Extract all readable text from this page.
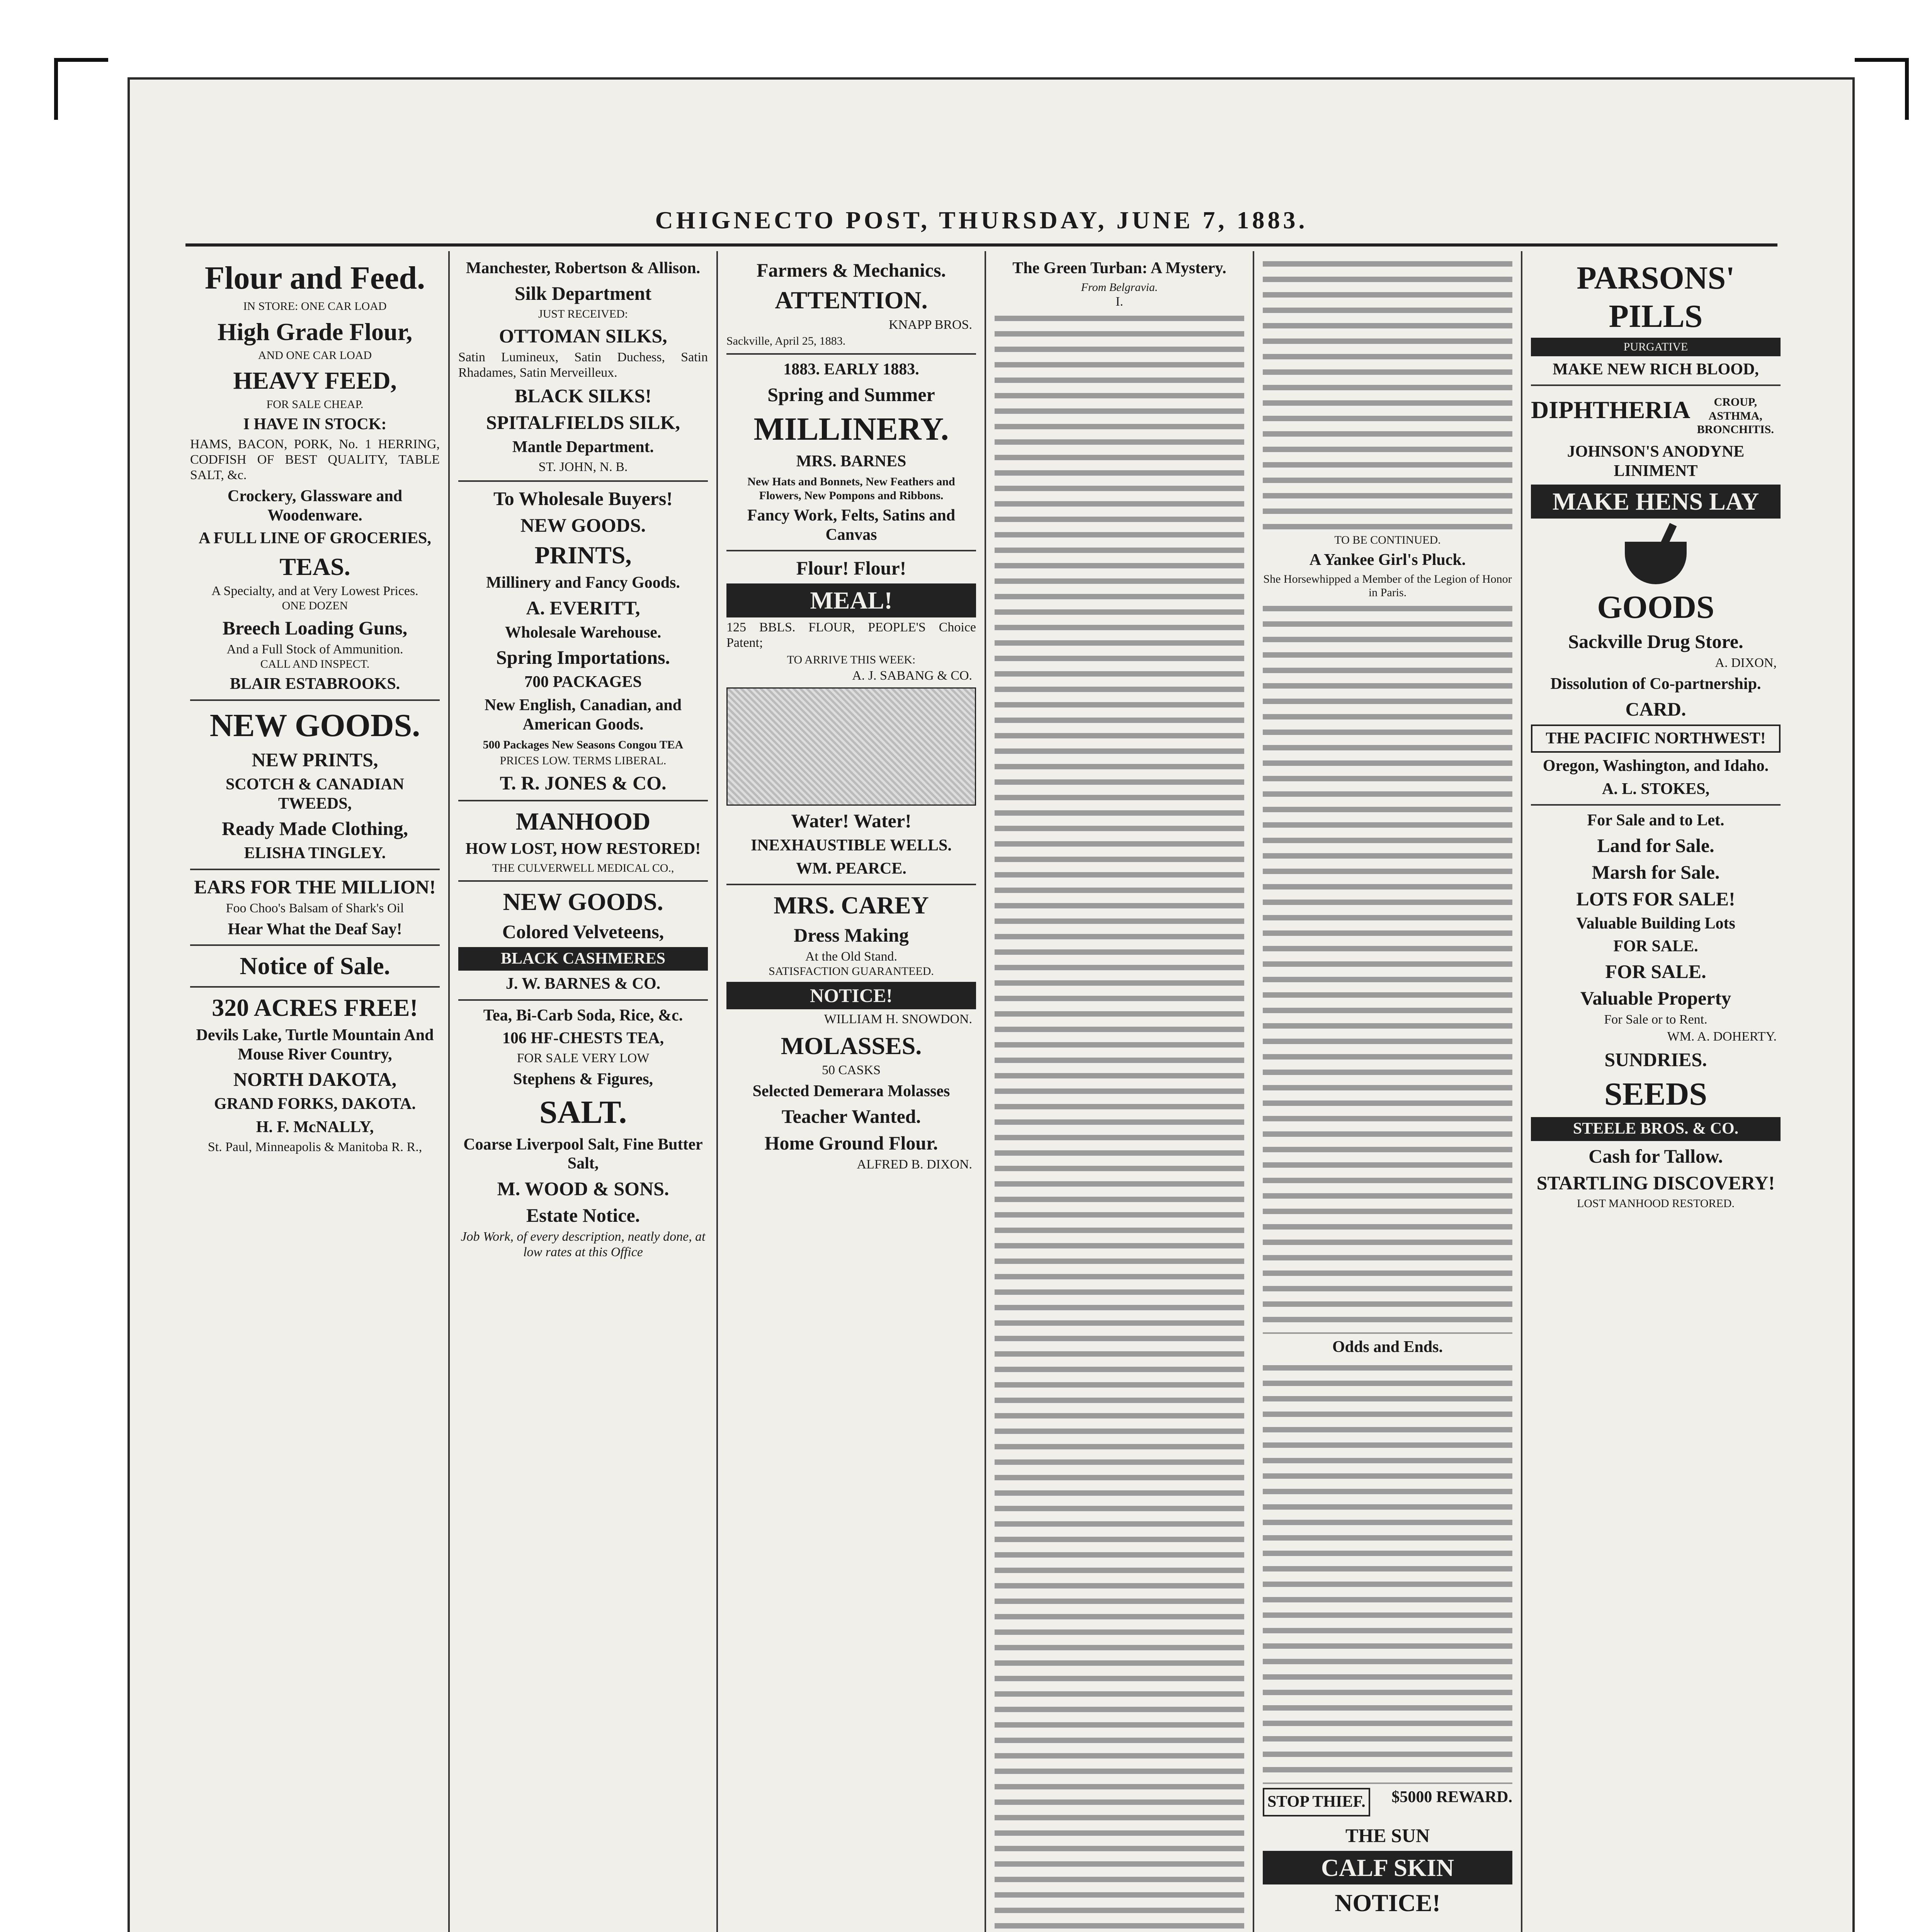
CHIGNECTO POST, THURSDAY, JUNE 7, 1883.
Flour and Feed.
IN STORE: ONE CAR LOAD
High Grade Flour,
AND ONE CAR LOAD
HEAVY FEED,
FOR SALE CHEAP.
I HAVE IN STOCK:
HAMS, BACON, PORK, No. 1 HERRING, CODFISH OF BEST QUALITY, TABLE SALT, &c.
Crockery, Glassware and Woodenware.
A FULL LINE OF GROCERIES,
TEAS.
A Specialty, and at Very Lowest Prices.
ONE DOZEN
Breech Loading Guns,
And a Full Stock of Ammunition.
CALL AND INSPECT.
BLAIR ESTABROOKS.
NEW GOODS.
NEW PRINTS,
SCOTCH & CANADIAN TWEEDS,
Ready Made Clothing,
ELISHA TINGLEY.
EARS FOR THE MILLION!
Foo Choo's Balsam of Shark's Oil
Hear What the Deaf Say!
Notice of Sale.
320 ACRES FREE!
Devils Lake, Turtle Mountain And Mouse River Country,
NORTH DAKOTA,
GRAND FORKS, DAKOTA.
H. F. McNALLY,
St. Paul, Minneapolis & Manitoba R. R.,
Manchester, Robertson & Allison.
Silk Department
JUST RECEIVED:
OTTOMAN SILKS,
Satin Lumineux, Satin Duchess, Satin Rhadames, Satin Merveilleux.
BLACK SILKS!
SPITALFIELDS SILK,
Mantle Department.
ST. JOHN, N. B.
To Wholesale Buyers!
NEW GOODS.
PRINTS,
Millinery and Fancy Goods.
A. EVERITT,
Wholesale Warehouse.
Spring Importations.
700 PACKAGES
New English, Canadian, and American Goods.
500 Packages New Seasons Congou TEA
PRICES LOW. TERMS LIBERAL.
T. R. JONES & CO.
MANHOOD
HOW LOST, HOW RESTORED!
THE CULVERWELL MEDICAL CO.,
NEW GOODS.
Colored Velveteens,
BLACK CASHMERES
J. W. BARNES & CO.
Tea, Bi-Carb Soda, Rice, &c.
106 HF-CHESTS TEA,
FOR SALE VERY LOW
Stephens & Figures,
SALT.
Coarse Liverpool Salt, Fine Butter Salt,
M. WOOD & SONS.
Estate Notice.
Job Work, of every description, neatly done, at low rates at this Office
Farmers & Mechanics.
ATTENTION.
KNAPP BROS.
Sackville, April 25, 1883.
1883. EARLY 1883.
Spring and Summer
MILLINERY.
MRS. BARNES
New Hats and Bonnets, New Feathers and Flowers, New Pompons and Ribbons.
Fancy Work, Felts, Satins and Canvas
Flour! Flour!
MEAL!
125 BBLS. FLOUR, PEOPLE'S Choice Patent;
TO ARRIVE THIS WEEK:
A. J. SABANG & CO.
Water! Water!
INEXHAUSTIBLE WELLS.
WM. PEARCE.
MRS. CAREY
Dress Making
At the Old Stand.
SATISFACTION GUARANTEED.
NOTICE!
WILLIAM H. SNOWDON.
MOLASSES.
50 CASKS
Selected Demerara Molasses
Teacher Wanted.
Home Ground Flour.
ALFRED B. DIXON.
The Green Turban: A Mystery.
From Belgravia.
I.
TO BE CONTINUED.
A Yankee Girl's Pluck.
She Horsewhipped a Member of the Legion of Honor in Paris.
Odds and Ends.
STOP THIEF. $5000 REWARD.
THE SUN
CALF SKIN
NOTICE!
PARSONS' PILLS
PURGATIVE
MAKE NEW RICH BLOOD,
DIPHTHERIA	CROUP, ASTHMA, BRONCHITIS.
JOHNSON'S ANODYNE LINIMENT
MAKE HENS LAY
GOODS
Sackville Drug Store.
A. DIXON,
Dissolution of Co-partnership.
CARD.
THE PACIFIC NORTHWEST!
Oregon, Washington, and Idaho.
A. L. STOKES,
For Sale and to Let.
Land for Sale.
Marsh for Sale.
LOTS FOR SALE!
Valuable Building Lots
FOR SALE.
FOR SALE.
Valuable Property
For Sale or to Rent.
WM. A. DOHERTY.
SUNDRIES.
SEEDS
STEELE BROS. & CO.
Cash for Tallow.
STARTLING DISCOVERY!
LOST MANHOOD RESTORED.
